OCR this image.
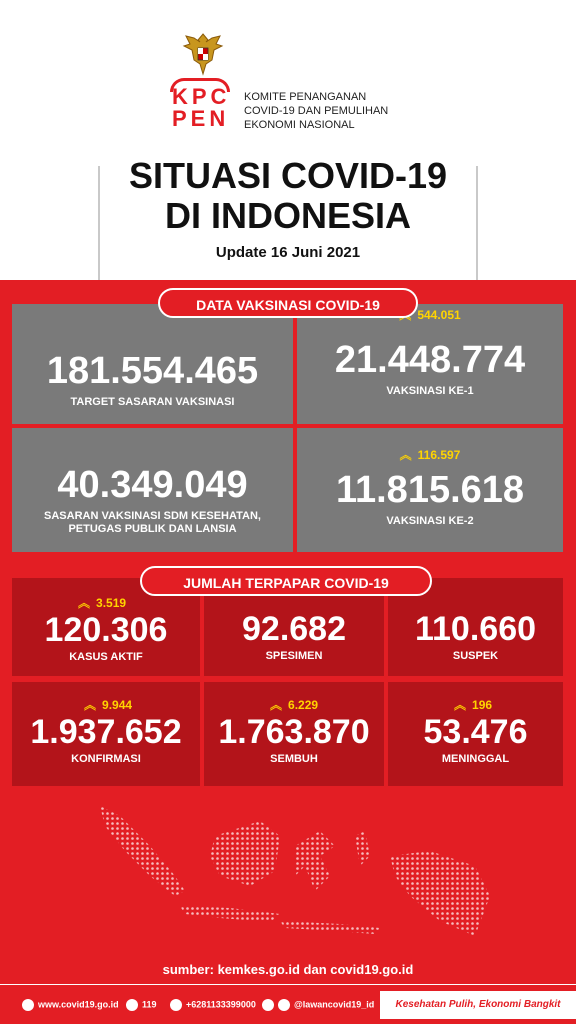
KPC
PEN
KOMITE PENANGANAN
COVID-19 DAN PEMULIHAN
EKONOMI NASIONAL
SITUASI COVID-19
DI INDONESIA
Update 16 Juni 2021
DATA VAKSINASI COVID-19
181.554.465
TARGET SASARAN VAKSINASI
544.051
21.448.774
VAKSINASI KE-1
40.349.049
SASARAN VAKSINASI SDM KESEHATAN,
PETUGAS PUBLIK DAN LANSIA
︽ 116.597
11.815.618
VAKSINASI KE-2
JUMLAH TERPAPAR COVID-19
︽ 3.519
120.306
KASUS AKTIF
92.682
SPESIMEN
110.660
SUSPEK
︽ 9.944
1.937.652
KONFIRMASI
︽ 6.229
1.763.870
SEMBUH
︽ 196
53.476
MENINGGAL
sumber: kemkes.go.id dan covid19.go.id
www.covid19.go.id	119	+6281133399000	@lawancovid19_id	Kesehatan Pulih, Ekonomi Bangkit
